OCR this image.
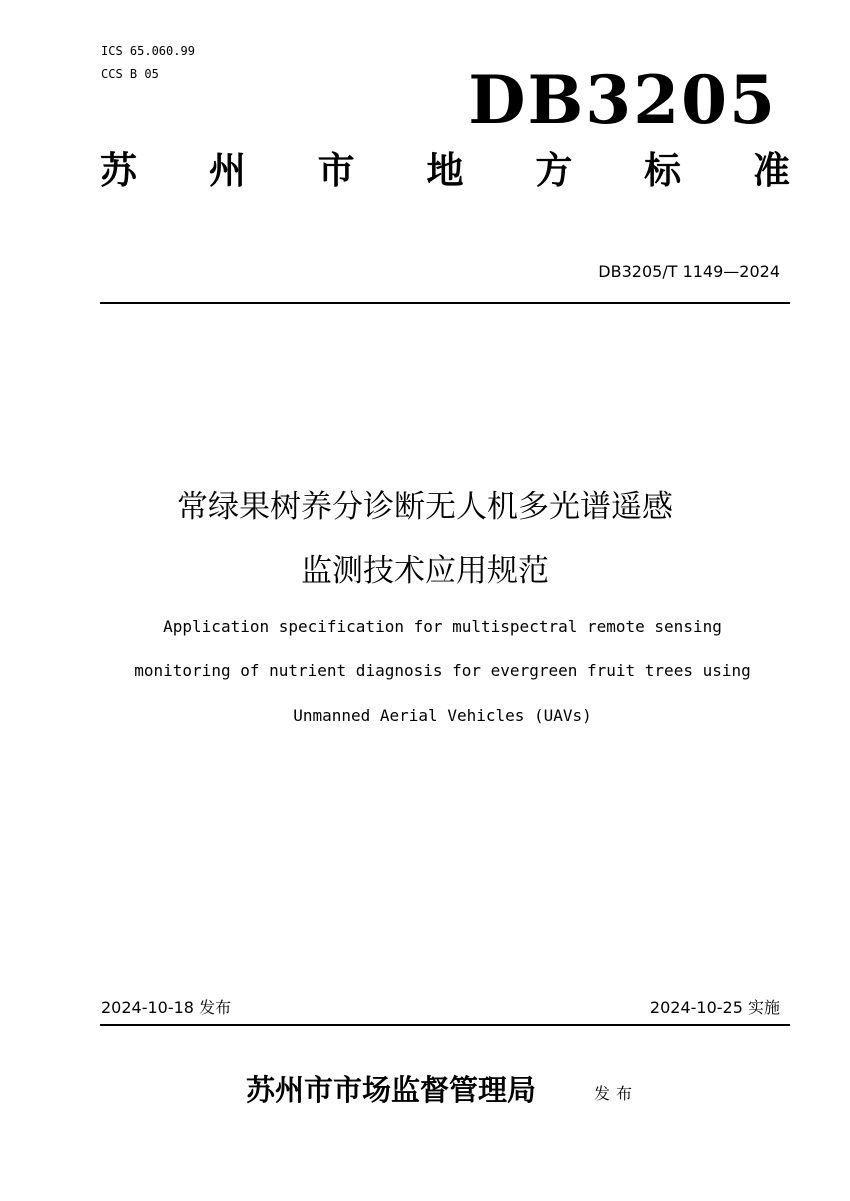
ICS 65.060.99
CCS B 05	DB3205
苏 州 市 地 方 标 准
DB3205/T 1149—2024
常绿果树养分诊断无人机多光谱遥感
监测技术应用规范
Application specification for multispectral remote sensing
monitoring of nutrient diagnosis for evergreen fruit trees using
Unmanned Aerial Vehicles (UAVs)
2024-10-18 发布	2024-10-25 实施
苏州市市场监督管理局	发布
